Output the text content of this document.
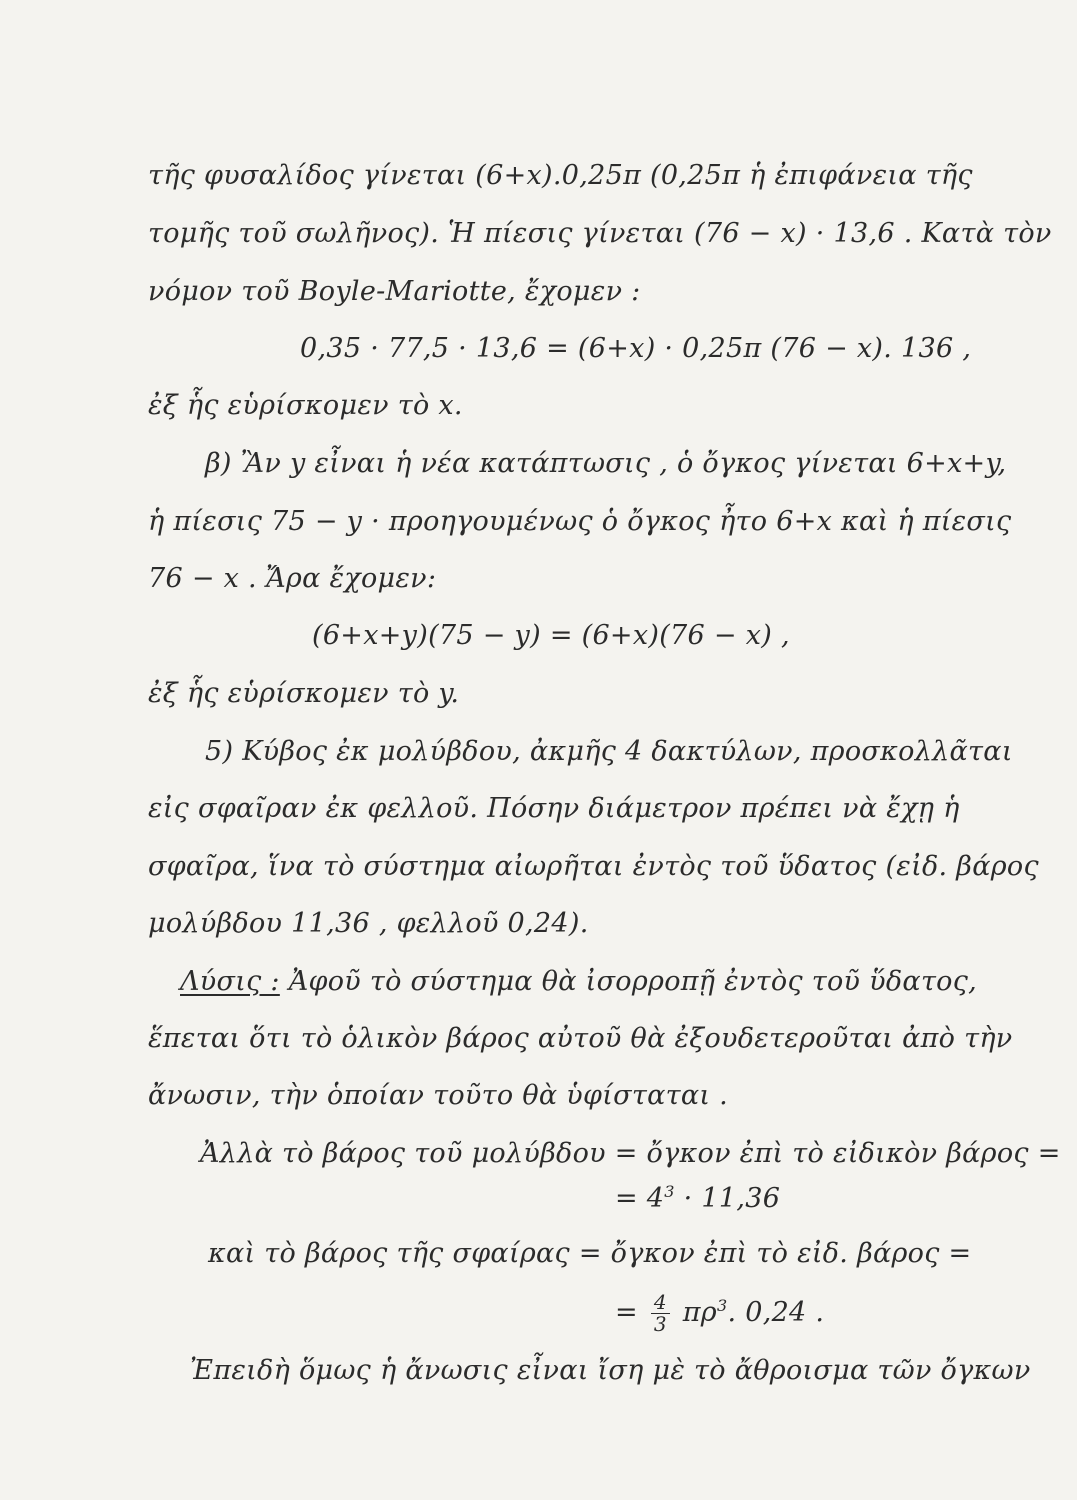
τῆς φυσαλίδος γίνεται (6+x).0,25π (0,25π ἡ ἐπιφάνεια τῆς
τομῆς τοῦ σωλῆνος). Ἡ πίεσις γίνεται (76 − x) · 13,6 . Κατὰ τὸν
νόμον τοῦ Boyle-Mariotte, ἔχομεν :
0,35 · 77,5 · 13,6 = (6+x) · 0,25π (76 − x). 136 ,
ἐξ ἧς εὑρίσκομεν τὸ x.
β) Ἂν y εἶναι ἡ νέα κατάπτωσις , ὁ ὄγκος γίνεται 6+x+y,
ἡ πίεσις 75 − y · προηγουμένως ὁ ὄγκος ἦτο 6+x καὶ ἡ πίεσις
76 − x . Ἄρα ἔχομεν:
(6+x+y)(75 − y) = (6+x)(76 − x) ,
ἐξ ἧς εὑρίσκομεν τὸ y.
5) Κύβος ἐκ μολύβδου, ἀκμῆς 4 δακτύλων, προσκολλᾶται
εἰς σφαῖραν ἐκ φελλοῦ. Πόσην διάμετρον πρέπει νὰ ἔχῃ ἡ
σφαῖρα, ἵνα τὸ σύστημα αἰωρῆται ἐντὸς τοῦ ὕδατος (εἰδ. βάρος
μολύβδου 11,36 , φελλοῦ 0,24).
Λύσις : Ἀφοῦ τὸ σύστημα θὰ ἰσορροπῇ ἐντὸς τοῦ ὕδατος,
ἕπεται ὅτι τὸ ὁλικὸν βάρος αὐτοῦ θὰ ἐξουδετεροῦται ἀπὸ τὴν
ἄνωσιν, τὴν ὁποίαν τοῦτο θὰ ὑφίσταται .
Ἀλλὰ τὸ βάρος τοῦ μολύβδου = ὄγκον ἐπὶ τὸ εἰδικὸν βάρος =
= $4^3 \cdot 11,36$
καὶ τὸ βάρος τῆς σφαίρας = ὄγκον ἐπὶ τὸ εἰδ. βάρος =
= $\frac{4}{3} \pi\rho^3$. 0,24 .
Ἐπειδὴ ὅμως ἡ ἄνωσις εἶναι ἴση μὲ τὸ ἄθροισμα τῶν ὄγκων
